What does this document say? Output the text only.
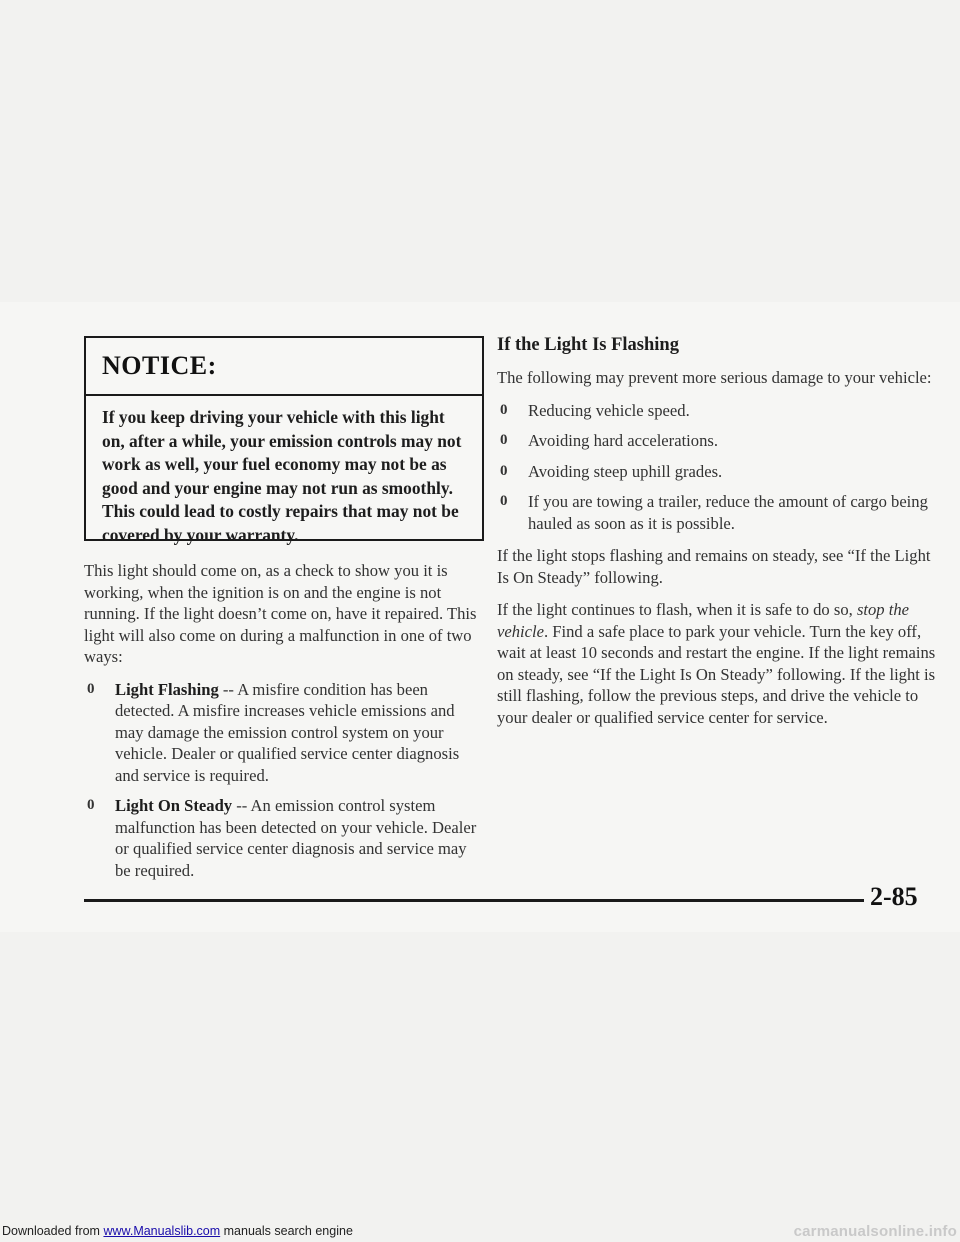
NOTICE:
If you keep driving your vehicle with this light on, after a while, your emission controls may not work as well, your fuel economy may not be as good and your engine may not run as smoothly. This could lead to costly repairs that may not be covered by your warranty.

This light should come on, as a check to show you it is working, when the ignition is on and the engine is not running. If the light doesn’t come on, have it repaired. This light will also come on during a malfunction in one of two ways:

0 Light Flashing -- A misfire condition has been detected. A misfire increases vehicle emissions and may damage the emission control system on your vehicle. Dealer or qualified service center diagnosis and service is required.
0 Light On Steady -- An emission control system malfunction has been detected on your vehicle. Dealer or qualified service center diagnosis and service may be required.
If the Light Is Flashing

The following may prevent more serious damage to your vehicle:

0 Reducing vehicle speed.
0 Avoiding hard accelerations.
0 Avoiding steep uphill grades.
0 If you are towing a trailer, reduce the amount of cargo being hauled as soon as it is possible.

If the light stops flashing and remains on steady, see “If the Light Is On Steady” following.

If the light continues to flash, when it is safe to do so, stop the vehicle. Find a safe place to park your vehicle. Turn the key off, wait at least 10 seconds and restart the engine. If the light remains on steady, see “If the Light Is On Steady” following. If the light is still flashing, follow the previous steps, and drive the vehicle to your dealer or qualified service center for service.

2-85
Downloaded from www.Manualslib.com manuals search engine	carmanualsonline.info
